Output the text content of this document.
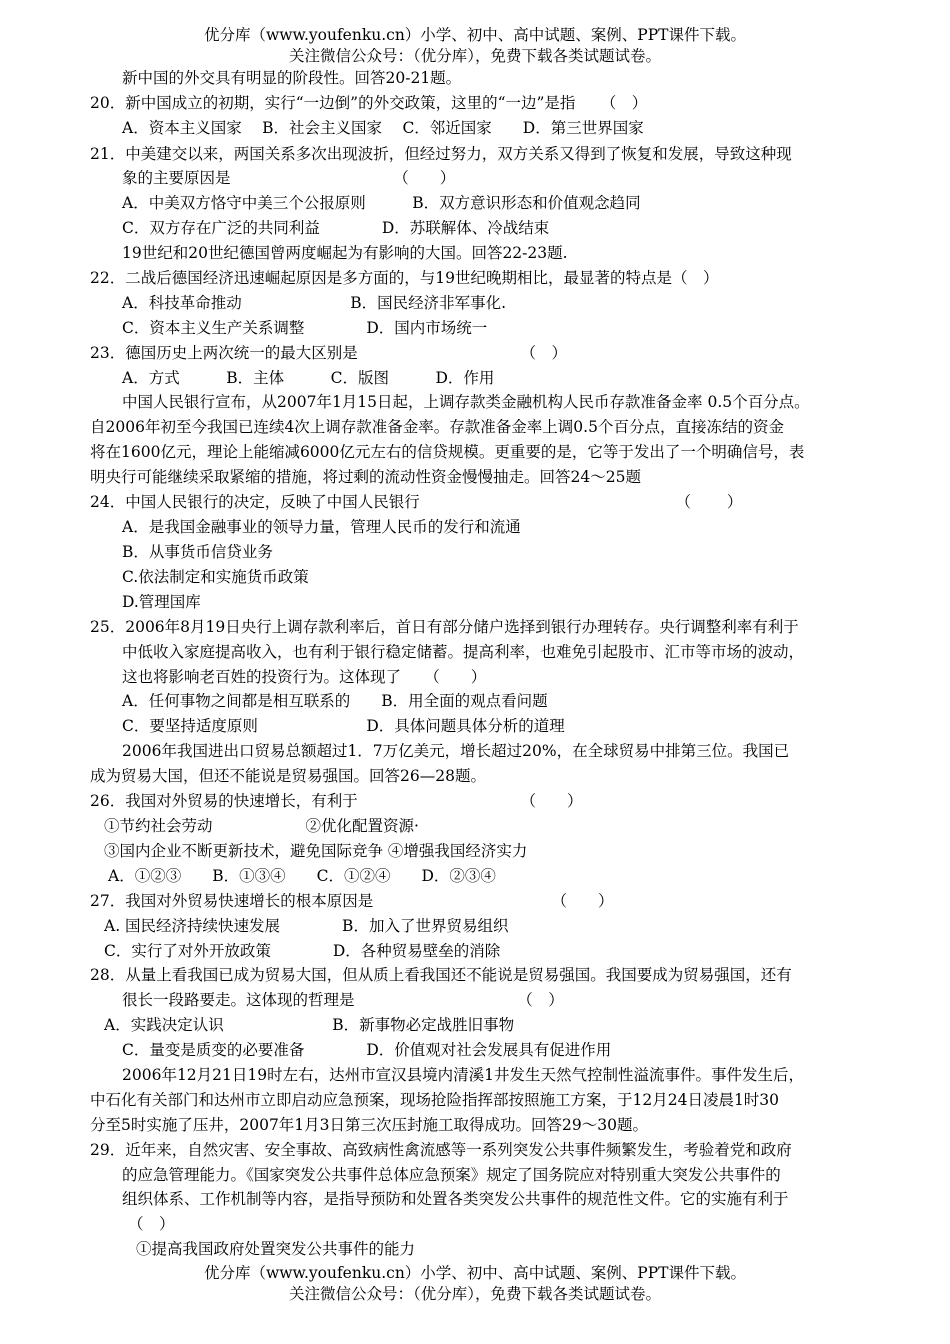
优分库（www.youfenku.cn）小学、初中、高中试题、案例、PPT课件下载。
关注微信公众号：（优分库），免费下载各类试题试卷。
新中国的外交具有明显的阶段性。回答20-21题。
20．新中国成立的初期，实行“一边倒”的外交政策，这里的“一边”是指　  （　）
A．资本主义国家　 B．社会主义国家　 C．邻近国家　　D．第三世界国家
21．中美建交以来，两国关系多次出现波折，但经过努力，双方关系又得到了恢复和发展，导致这种现
象的主要原因是　　　　　　　　　　　（　　）
A．中美双方恪守中美三个公报原则　　　B．双方意识形态和价值观念趋同
C．双方存在广泛的共同利益　　　　D．苏联解体、冷战结束
19世纪和20世纪德国曾两度崛起为有影响的大国。回答22-23题.
22．二战后德国经济迅速崛起原因是多方面的，与19世纪晚期相比，最显著的特点是（　）
A．科技革命推动　　　　　　　B．国民经济非军事化.
C．资本主义生产关系调整　　　　D．国内市场统一
23．德国历史上两次统一的最大区别是　　　　　　　　　　　（　）
A．方式　　　B．主体　　　C．版图　　　D．作用
中国人民银行宣布，从2007年1月15日起，上调存款类金融机构人民币存款准备金率 0.5个百分点。
自2006年初至今我国已连续4次上调存款准备金率。存款准备金率上调0.5个百分点，直接冻结的资金
将在1600亿元，理论上能缩减6000亿元左右的信贷规模。更重要的是，它等于发出了一个明确信号，表
明央行可能继续采取紧缩的措施，将过剩的流动性资金慢慢抽走。回答24～25题
24．中国人民银行的决定，反映了中国人民银行　　　　　　　　　　　　　　　　　（　　 ）
A．是我国金融事业的领导力量，管理人民币的发行和流通
B．从事货币信贷业务
C.依法制定和实施货币政策
D.管理国库
25．2006年8月19日央行上调存款利率后，首日有部分储户选择到银行办理转存。央行调整利率有利于
中低收入家庭提高收入，也有利于银行稳定储蓄。提高利率，也难免引起股市、汇市等市场的波动，
这也将影响老百姓的投资行为。这体现了　　（　　）
A．任何事物之间都是相互联系的　　B．用全面的观点看问题
C．要坚持适度原则　　　　　　　D．具体问题具体分析的道理
2006年我国进出口贸易总额超过1．7万亿美元，增长超过20%，在全球贸易中排第三位。我国已
成为贸易大国，但还不能说是贸易强国。回答26—28题。
26．我国对外贸易的快速增长，有利于　　　　　　　　　　　（　　）
①节约社会劳动　　　　　　②优化配置资源·
③国内企业不断更新技术，避免国际竞争 ④增强我国经济实力
A．①②③　　B．①③④　　C．①②④　　D．②③④
27．我国对外贸易快速增长的根本原因是　　　　　　　　　　　　（　　）
A. 国民经济持续快速发展　　　　B．加入了世界贸易组织
C．实行了对外开放政策　　　　D．各种贸易壁垒的消除
28．从量上看我国已成为贸易大国，但从质上看我国还不能说是贸易强国。我国要成为贸易强国，还有
很长一段路要走。这体现的哲理是　　　　　　　　　　　（　）
A．实践决定认识　　　　　　　B．新事物必定战胜旧事物
C．量变是质变的必要准备　　　　D．价值观对社会发展具有促进作用
2006年12月21日19时左右，达州市宣汉县境内清溪1井发生天然气控制性溢流事件。事件发生后，
中石化有关部门和达州市立即启动应急预案，现场抢险指挥部按照施工方案，于12月24日凌晨1时30
分至5时实施了压井，2007年1月3日第三次压封施工取得成功。回答29～30题。
29．近年来，自然灾害、安全事故、高致病性禽流感等一系列突发公共事件频繁发生，考验着党和政府
的应急管理能力。《国家突发公共事件总体应急预案》规定了国务院应对特别重大突发公共事件的
组织体系、工作机制等内容，是指导预防和处置各类突发公共事件的规范性文件。它的实施有利于
（　）
①提高我国政府处置突发公共事件的能力
优分库（www.youfenku.cn）小学、初中、高中试题、案例、PPT课件下载。
关注微信公众号：（优分库），免费下载各类试题试卷。
